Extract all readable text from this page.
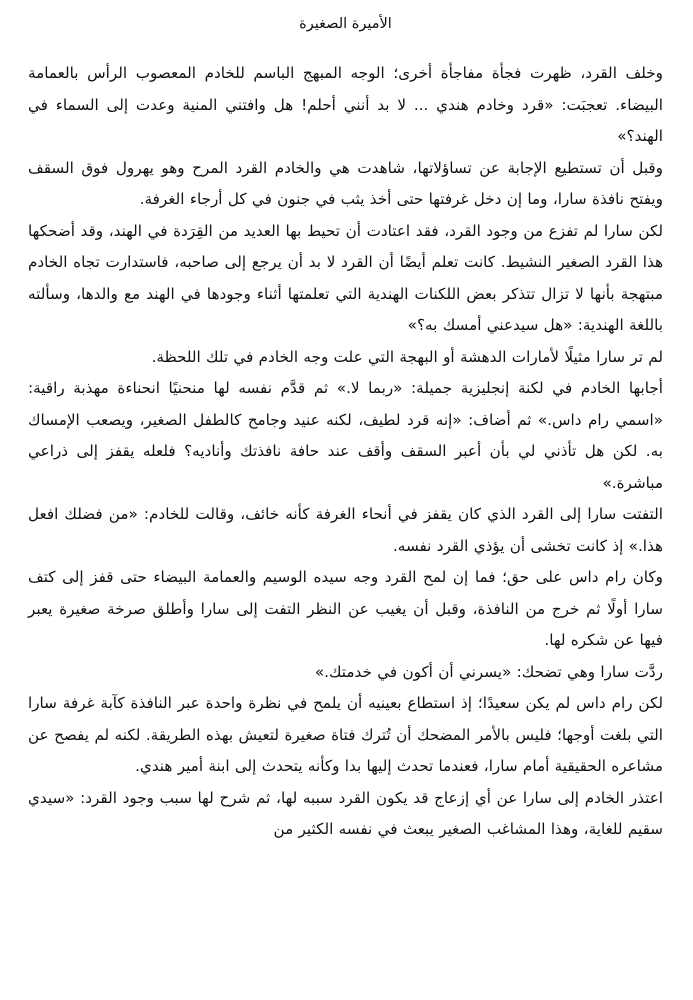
الأميرة الصغيرة

وخلف القرد، ظهرت فجأة مفاجأة أخرى؛ الوجه المبهج الباسم للخادم المعصوب الرأس بالعمامة البيضاء. تعجبَت: «قرد وخادم هندي ... لا بد أنني أحلم! هل وافتني المنية وعدت إلى السماء في الهند؟»

وقبل أن تستطيع الإجابة عن تساؤلاتها، شاهدت هي والخادم القرد المرح وهو يهرول فوق السقف ويفتح نافذة سارا، وما إن دخل غرفتها حتى أخذ يثب في جنون في كل أرجاء الغرفة.

لكن سارا لم تفزع من وجود القرد، فقد اعتادت أن تحيط بها العديد من القِرَدة في الهند، وقد أضحكها هذا القرد الصغير النشيط. كانت تعلم أيضًا أن القرد لا بد أن يرجع إلى صاحبه، فاستدارت تجاه الخادم مبتهجة بأنها لا تزال تتذكر بعض اللكنات الهندية التي تعلمتها أثناء وجودها في الهند مع والدها، وسألته باللغة الهندية: «هل سيدعني أمسك به؟»

لم تر سارا مثيلًا لأمارات الدهشة أو البهجة التي علت وجه الخادم في تلك اللحظة.

أجابها الخادم في لكنة إنجليزية جميلة: «ربما لا.» ثم قدَّم نفسه لها منحنيًا انحناءة مهذبة راقية: «اسمي رام داس.» ثم أضاف: «إنه قرد لطيف، لكنه عنيد وجامح كالطفل الصغير، ويصعب الإمساك به. لكن هل تأذني لي بأن أعبر السقف وأقف عند حافة نافذتك وأناديه؟ فلعله يقفز إلى ذراعي مباشرة.»

التفتت سارا إلى القرد الذي كان يقفز في أنحاء الغرفة كأنه خائف، وقالت للخادم: «من فضلك افعل هذا.» إذ كانت تخشى أن يؤذي القرد نفسه.

وكان رام داس على حق؛ فما إن لمح القرد وجه سيده الوسيم والعمامة البيضاء حتى قفز إلى كتف سارا أولًا ثم خرج من النافذة، وقبل أن يغيب عن النظر التفت إلى سارا وأطلق صرخة صغيرة يعبر فيها عن شكره لها.

ردَّت سارا وهي تضحك: «يسرني أن أكون في خدمتك.»

لكن رام داس لم يكن سعيدًا؛ إذ استطاع بعينيه أن يلمح في نظرة واحدة عبر النافذة كآبة غرفة سارا التي بلغت أوجها؛ فليس بالأمر المضحك أن تُترك فتاة صغيرة لتعيش بهذه الطريقة. لكنه لم يفصح عن مشاعره الحقيقية أمام سارا، فعندما تحدث إليها بدا وكأنه يتحدث إلى ابنة أمير هندي.

اعتذر الخادم إلى سارا عن أي إزعاج قد يكون القرد سببه لها، ثم شرح لها سبب وجود القرد: «سيدي سقيم للغاية، وهذا المشاغب الصغير يبعث في نفسه الكثير من
